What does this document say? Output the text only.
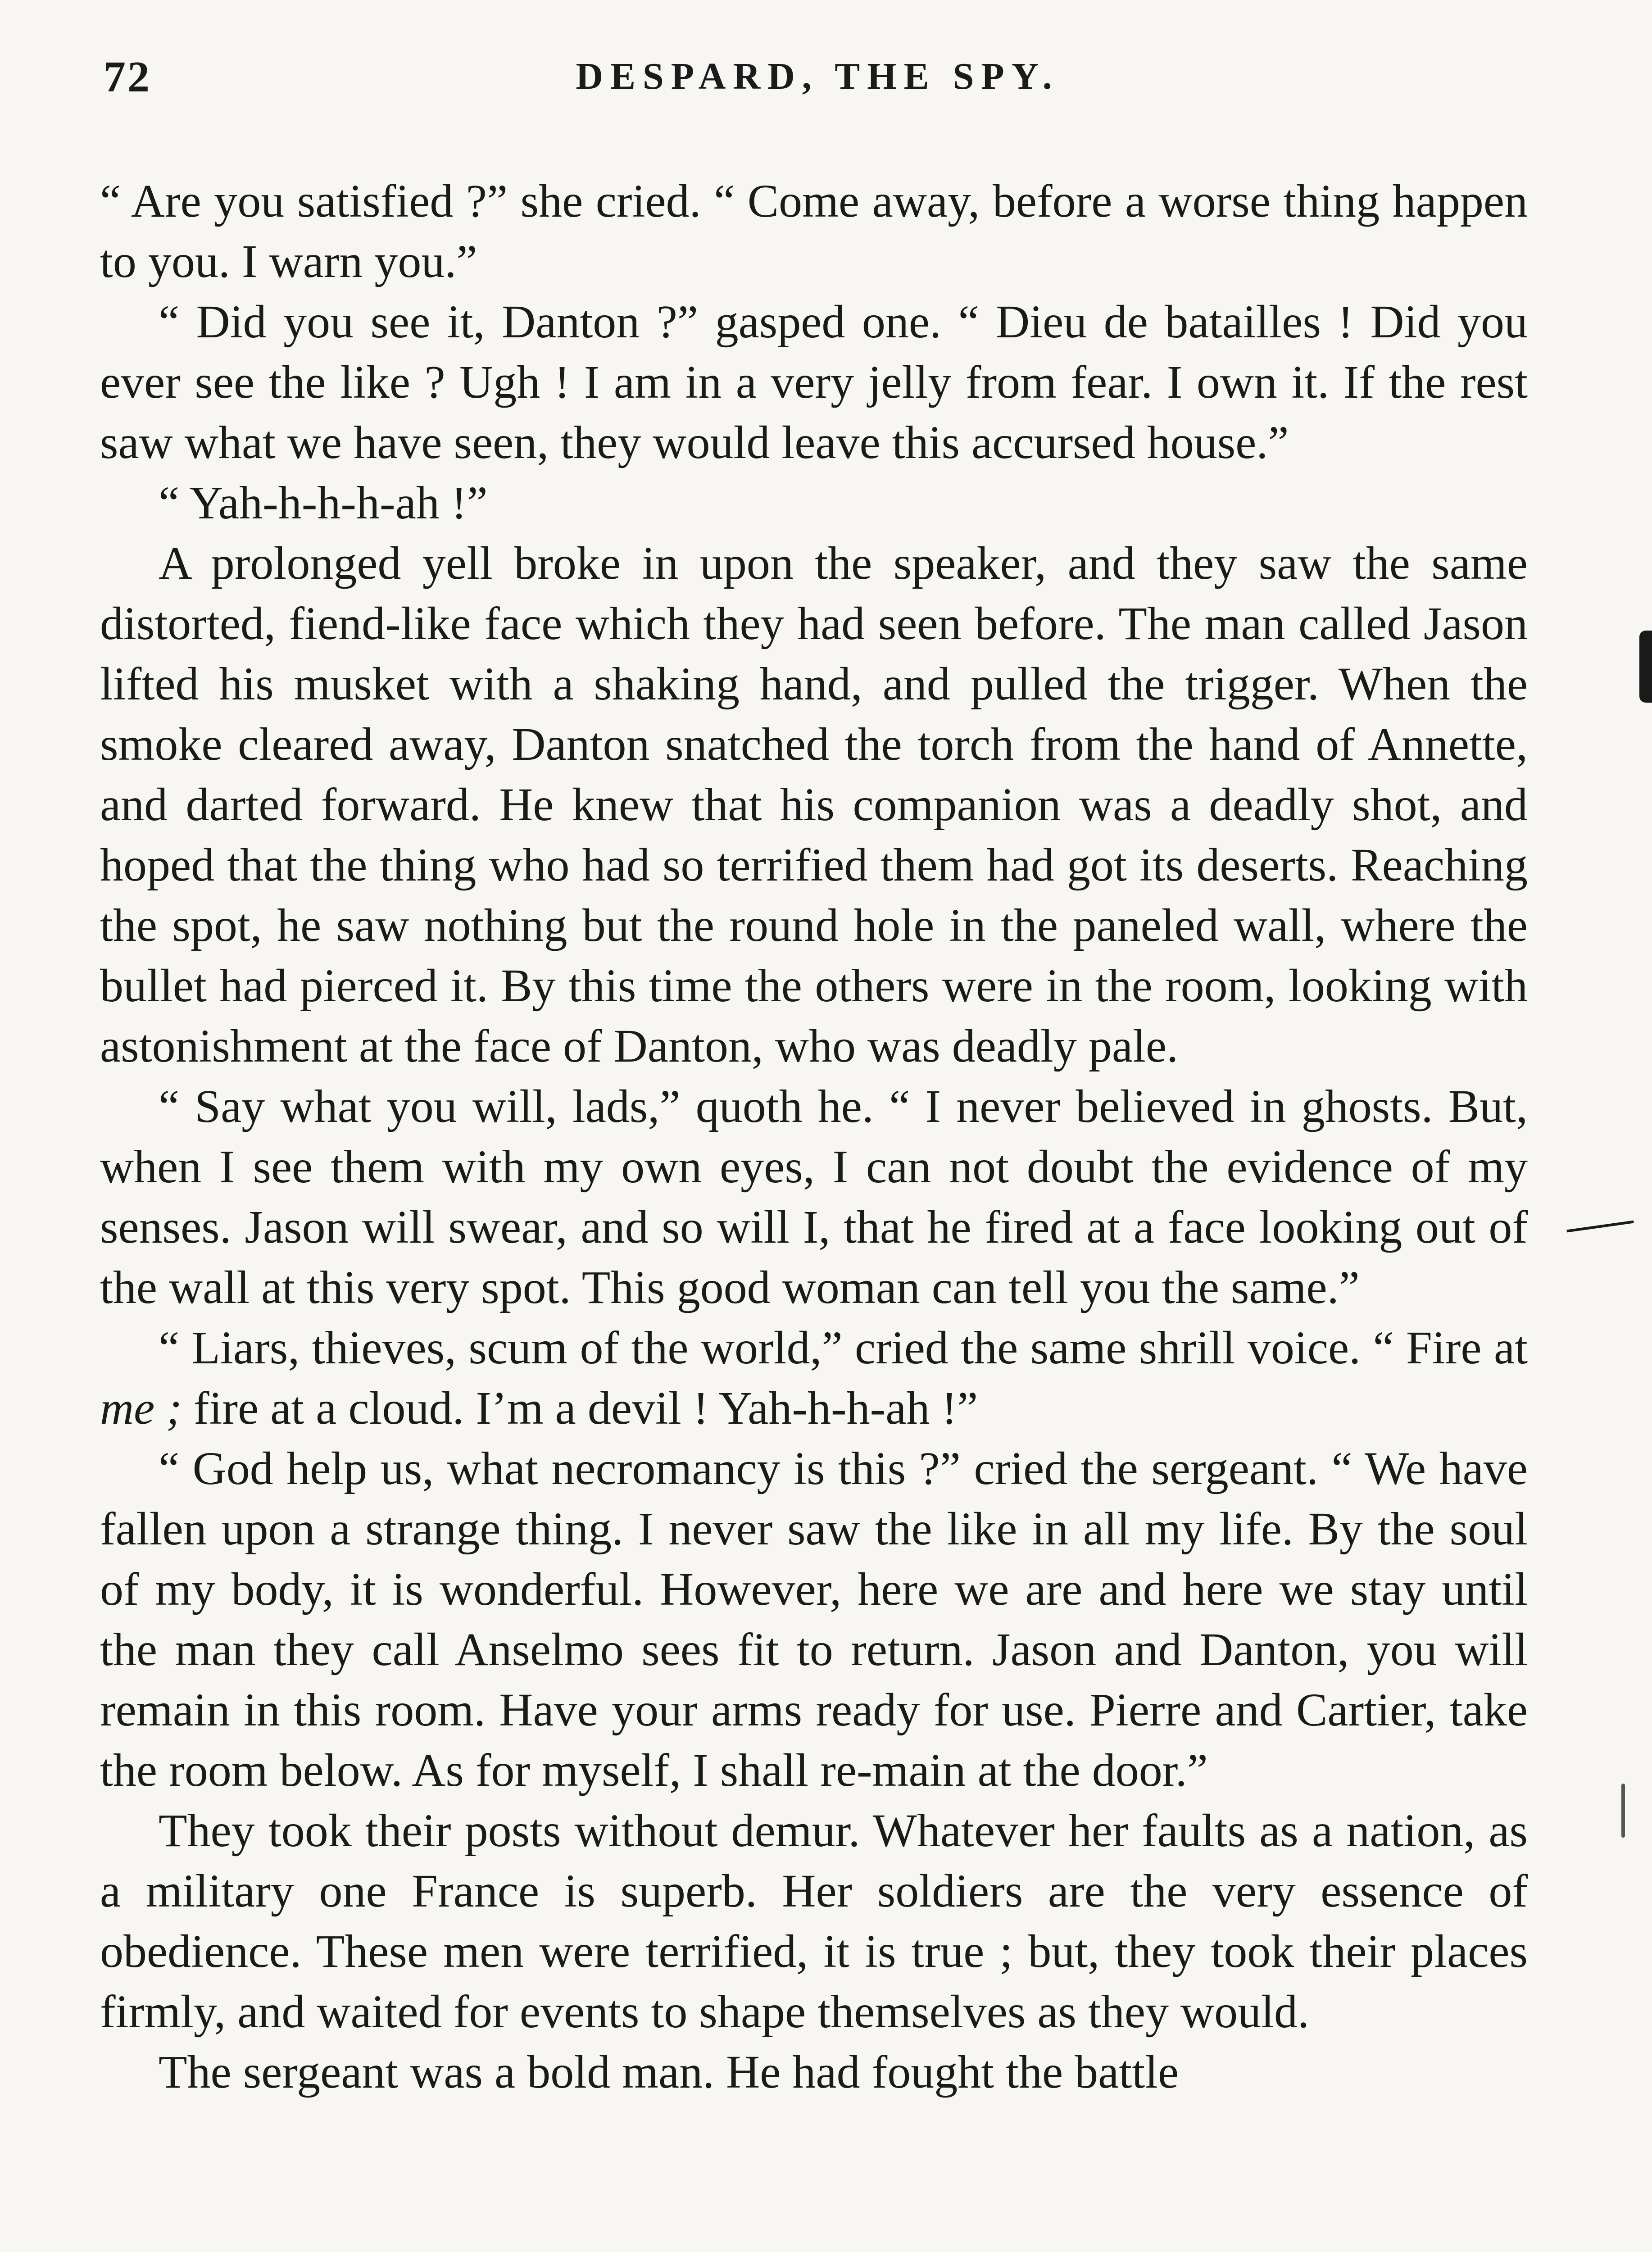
72	DESPARD, THE SPY.

“ Are you satisfied ?” she cried. “ Come away, before a worse thing happen to you. I warn you.”

“ Did you see it, Danton ?” gasped one. “ Dieu de batailles ! Did you ever see the like ? Ugh ! I am in a very jelly from fear. I own it. If the rest saw what we have seen, they would leave this accursed house.”

“ Yah-h-h-h-ah !”

A prolonged yell broke in upon the speaker, and they saw the same distorted, fiend-like face which they had seen before. The man called Jason lifted his musket with a shaking hand, and pulled the trigger. When the smoke cleared away, Danton snatched the torch from the hand of Annette, and darted forward. He knew that his companion was a deadly shot, and hoped that the thing who had so terrified them had got its deserts. Reaching the spot, he saw nothing but the round hole in the paneled wall, where the bullet had pierced it. By this time the others were in the room, looking with astonishment at the face of Danton, who was deadly pale.

“ Say what you will, lads,” quoth he. “ I never believed in ghosts. But, when I see them with my own eyes, I can not doubt the evidence of my senses. Jason will swear, and so will I, that he fired at a face looking out of the wall at this very spot. This good woman can tell you the same.”

“ Liars, thieves, scum of the world,” cried the same shrill voice. “ Fire at me ; fire at a cloud. I’m a devil ! Yah-h-h-ah !”

“ God help us, what necromancy is this ?” cried the sergeant. “ We have fallen upon a strange thing. I never saw the like in all my life. By the soul of my body, it is wonderful. However, here we are and here we stay until the man they call Anselmo sees fit to return. Jason and Danton, you will remain in this room. Have your arms ready for use. Pierre and Cartier, take the room below. As for myself, I shall re-main at the door.”

They took their posts without demur. Whatever her faults as a nation, as a military one France is superb. Her soldiers are the very essence of obedience. These men were terrified, it is true ; but, they took their places firmly, and waited for events to shape themselves as they would.

The sergeant was a bold man. He had fought the battle
